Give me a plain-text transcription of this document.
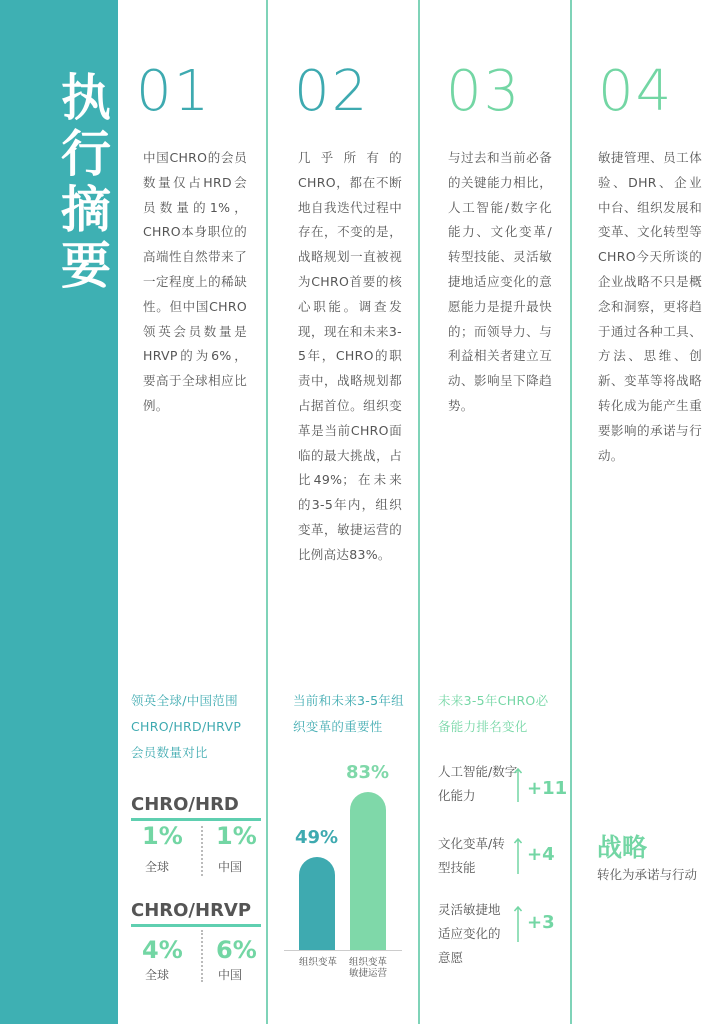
执行摘要
01 02 03 04
中国CHRO的会员数量仅占HRD会员数量的1%，CHRO本身职位的高端性自然带来了一定程度上的稀缺性。但中国CHRO领英会员数量是HRVP的为6%，要高于全球相应比例。
几乎所有的CHRO，都在不断地自我迭代过程中存在，不变的是，战略规划一直被视为CHRO首要的核心职能。调查发现，现在和未来3-5年，CHRO的职责中，战略规划都占据首位。组织变革是当前CHRO面临的最大挑战，占比49%；在未来的3-5年内，组织变革，敏捷运营的比例高达83%。
与过去和当前必备的关键能力相比，人工智能/数字化能力、文化变革/转型技能、灵活敏捷地适应变化的意愿能力是提升最快的；而领导力、与利益相关者建立互动、影响呈下降趋势。
敏捷管理、员工体验、DHR、企业中台、组织发展和变革、文化转型等CHRO今天所谈的企业战略不只是概念和洞察，更将趋于通过各种工具、方法、思维、创新、变革等将战略转化成为能产生重要影响的承诺与行动。
领英全球/中国范围CHRO/HRD/HRVP会员数量对比
CHRO/HRD
1% 1%
全球	中国
CHRO/HRVP
4% 6%
全球	中国
当前和未来3-5年组织变革的重要性
49%
83%
组织变革	组织变革
敏捷运营
未来3-5年CHRO必备能力排名变化
人工智能/数字化能力	+11
文化变革/转型技能
+4
灵活敏捷地适应变化的意愿
+3
战略
转化为承诺与行动
